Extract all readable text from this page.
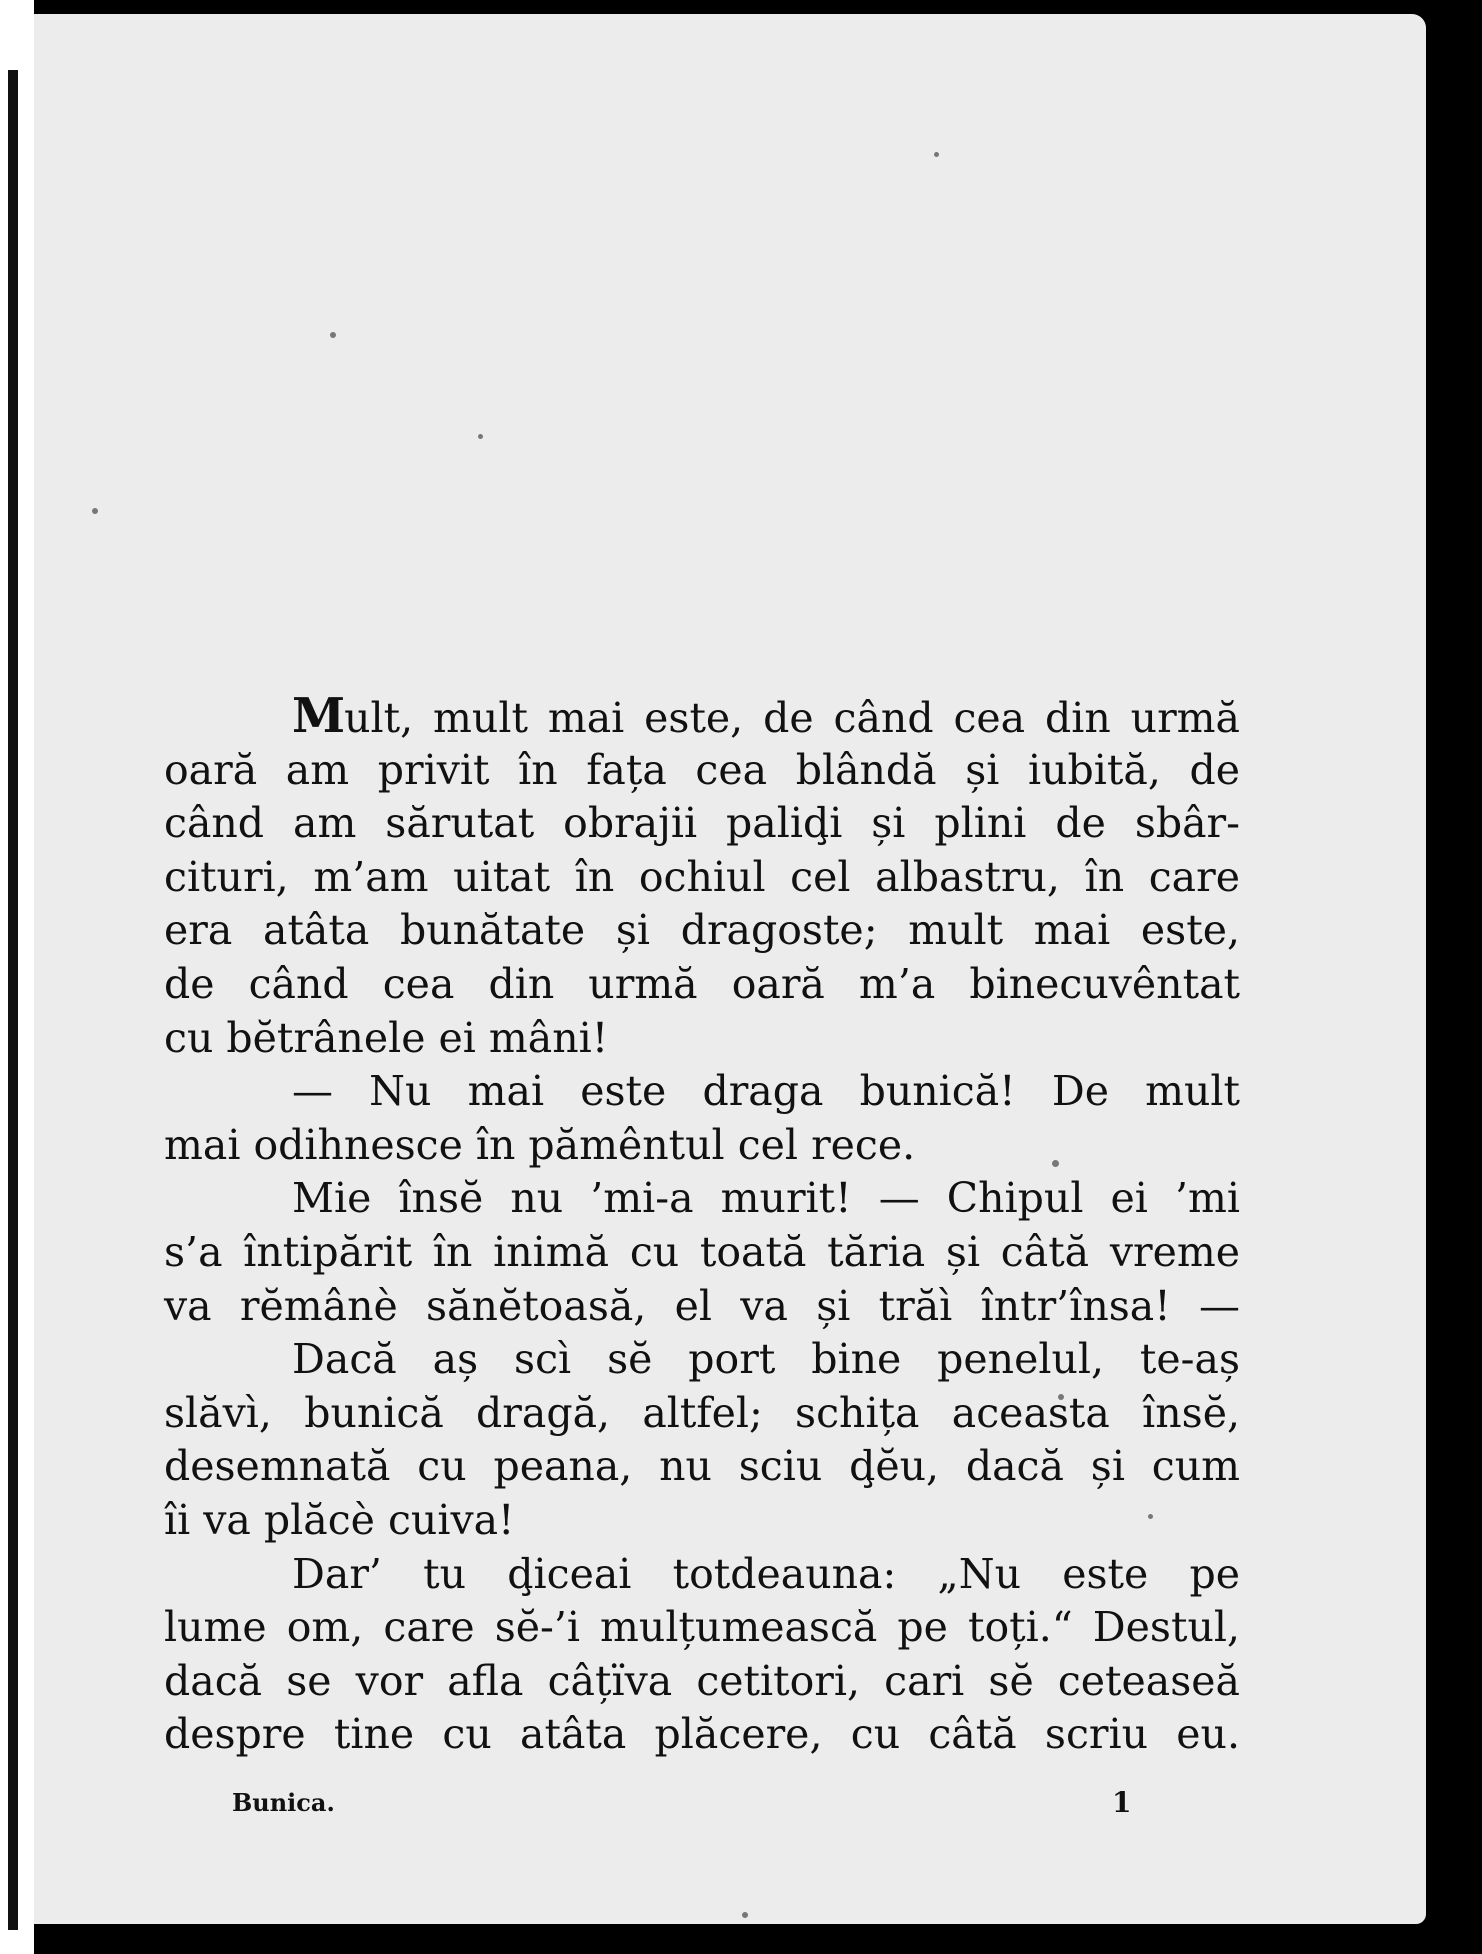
Mult, mult mai este, de când cea din urmă
oară am privit în fața cea blândă și iubită, de
când am sărutat obrajii paliḑi și plini de sbâr-
cituri, m’am uitat în ochiul cel albastru, în care
era atâta bunătate și dragoste; mult mai este,
de când cea din urmă oară m’a binecuvêntat
cu bĕtrânele ei mâni!
— Nu mai este draga bunică! De mult
mai odihnesce în pămêntul cel rece.
Mie însĕ nu ’mi-a murit! — Chipul ei ’mi
s’a întipărit în inimă cu toată tăria și câtă vreme
va rĕmânè sănĕtoasă, el va și trăì într’însa! —
Dacă aș scì sĕ port bine penelul, te-aș
slăvì, bunică dragă, altfel; schița aceasta însĕ,
desemnată cu peana, nu sciu ḑĕu, dacă și cum
îi va plăcè cuiva!
Dar’ tu ḑiceai totdeauna: „Nu este pe
lume om, care sĕ-’i mulțumească pe toți.“ Destul,
dacă se vor afla câțïva cetitori, cari sĕ ceteaseă
despre tine cu atâta plăcere, cu câtă scriu eu.
Bunica.	1
